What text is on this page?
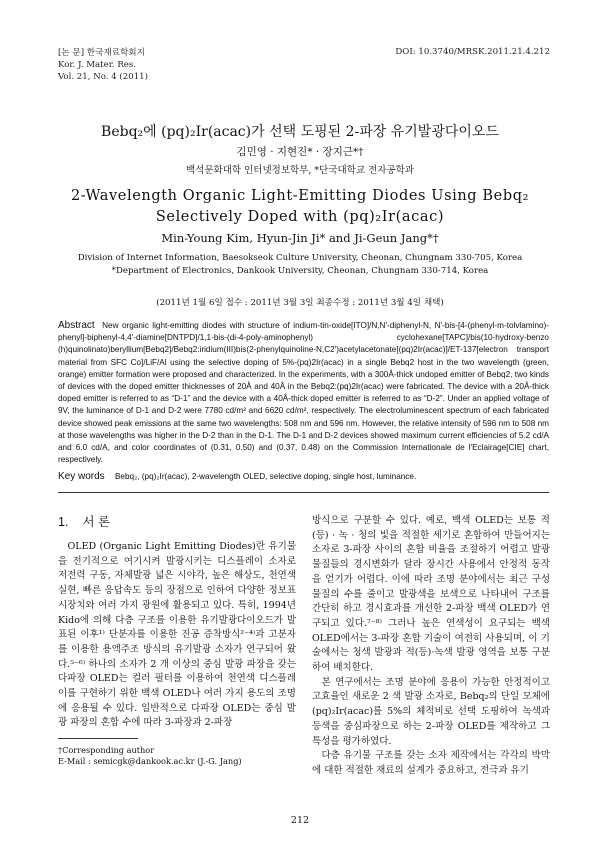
[논 문] 한국재료학회지
Kor. J. Mater. Res.
Vol. 21, No. 4 (2011)
DOI: 10.3740/MRSK.2011.21.4.212
Bebq₂에 (pq)₂Ir(acac)가 선택 도핑된 2-파장 유기발광다이오드
김민영 · 지현진* · 장지근*†
백석문화대학 인터넷정보학부, *단국대학교 전자공학과
2-Wavelength Organic Light-Emitting Diodes Using Bebq₂
Selectively Doped with (pq)₂Ir(acac)
Min-Young Kim, Hyun-Jin Ji* and Ji-Geun Jang*†
Division of Internet Information, Baesokseok Culture University, Cheonan, Chungnam 330-705, Korea
*Department of Electronics, Dankook University, Cheonan, Chungnam 330-714, Korea
(2011년 1월 6일 접수 : 2011년 3월 3일 최종수정 : 2011년 3월 4일 채택)
Abstract New organic light-emitting diodes with structure of indium-tin-oxide[ITO]/N,N'-diphenyl-N, N'-bis-[4-(phenyl-m-tolvlamino)-phenyl]-biphenyl-4,4'-diamine[DNTPD]/1,1-bis-(di-4-poly-aminophenyl) cyclohexane[TAPC]/bis(10-hydroxy-benzo (h)quinolinato)beryllium[Bebq2]/Bebq2:iridium(III)bis(2-phenylquinoline-N,C2')acetylacetonate[(pq)2Ir(acac)]/ET-137[electron transport material from SFC Co]/LiF/Al using the selective doping of 5%-(pq)2Ir(acac) in a single Bebq2 host in the two wavelength (green, orange) emitter formation were proposed and characterized. In the experiments, with a 300Å-thick undoped emitter of Bebq2, two kinds of devices with the doped emitter thicknesses of 20Å and 40Å in the Bebq2:(pq)2Ir(acac) were fabricated. The device with a 20Å-thick doped emitter is referred to as “D-1” and the device with a 40Å-thick doped emitter is referred to as “D-2”. Under an applied voltage of 9V, the luminance of D-1 and D-2 were 7780 cd/m² and 6620 cd/m², respectively. The electroluminescent spectrum of each fabricated device showed peak emissions at the same two wavelengths: 508 nm and 596 nm. However, the relative intensity of 596 nm to 508 nm at those wavelengths was higher in the D-2 than in the D-1. The D-1 and D-2 devices showed maximum current efficiencies of 5.2 cd/A and 6.0 cd/A, and color coordinates of (0.31, 0.50) and (0.37, 0.48) on the Commission Internationale de l'Eclairage[CIE] chart, respectively.
Key words Bebq₂, (pq)₂Ir(acac), 2-wavelength OLED, selective doping, single host, luminance.
1. 서 론

OLED (Organic Light Emitting Diodes)란 유기물을 전기적으로 여기시켜 발광시키는 디스플레이 소자로 저전력 구동, 자체발광 넓은 시야각, 높은 해상도, 천연색 실현, 빠른 응답속도 등의 장점으로 인하여 다양한 정보표시장치와 여러 가지 광원에 활용되고 있다. 특히, 1994년 Kido에 의해 다층 구조를 이용한 유기발광다이오드가 발표된 이후¹⁾ 단분자를 이용한 진공 증착방식²⁻⁴⁾과 고분자를 이용한 용액주조 방식의 유기발광 소자가 연구되어 왔다.⁵⁻⁶⁾ 하나의 소자가 2 개 이상의 중심 발광 파장을 갖는 다파장 OLED는 컬러 필터를 이용하여 천연색 디스플레이를 구현하기 위한 백색 OLED나 여러 가지 용도의 조명에 응용될 수 있다. 일반적으로 다파장 OLED는 중심 발광 파장의 혼합 수에 따라 3-파장과 2-파장

방식으로 구분할 수 있다. 예로, 백색 OLED는 보통 적(등) · 녹 · 청의 빛을 적절한 세기로 혼합하여 만들어지는 소자로 3-파장 사이의 혼합 비율을 조절하기 어렵고 발광 물질들의 경시변화가 달라 장시간 사용에서 안정적 동작을 얻기가 어렵다. 이에 따라 조명 분야에서는 최근 구성 물질의 수를 줄이고 발광색을 보색으로 나타내어 구조를 간단히 하고 경시효과를 개선한 2-파장 백색 OLED가 연구되고 있다.⁷⁻⁸⁾ 그러나 높은 연색성이 요구되는 백색 OLED에서는 3-파장 혼합 기술이 여전히 사용되며, 이 기술에서는 청색 발광과 적(등)·녹색 발광 영역을 보통 구분하여 배치한다.

본 연구에서는 조명 분야에 응용이 가능한 안정적이고 고효율인 새로운 2 색 발광 소자로, Bebq₂의 단일 모체에 (pq)₂Ir(acac)를 5%의 체적비로 선택 도핑하여 녹색과 등색을 중심파장으로 하는 2-파장 OLED를 제작하고 그 특성을 평가하였다.

다층 유기물 구조를 갖는 소자 제작에서는 각각의 박막에 대한 적절한 재료의 설계가 중요하고, 전극과 유기

†Corresponding author
E-Mail : semicgk@dankook.ac.kr (J.-G. Jang)
212
